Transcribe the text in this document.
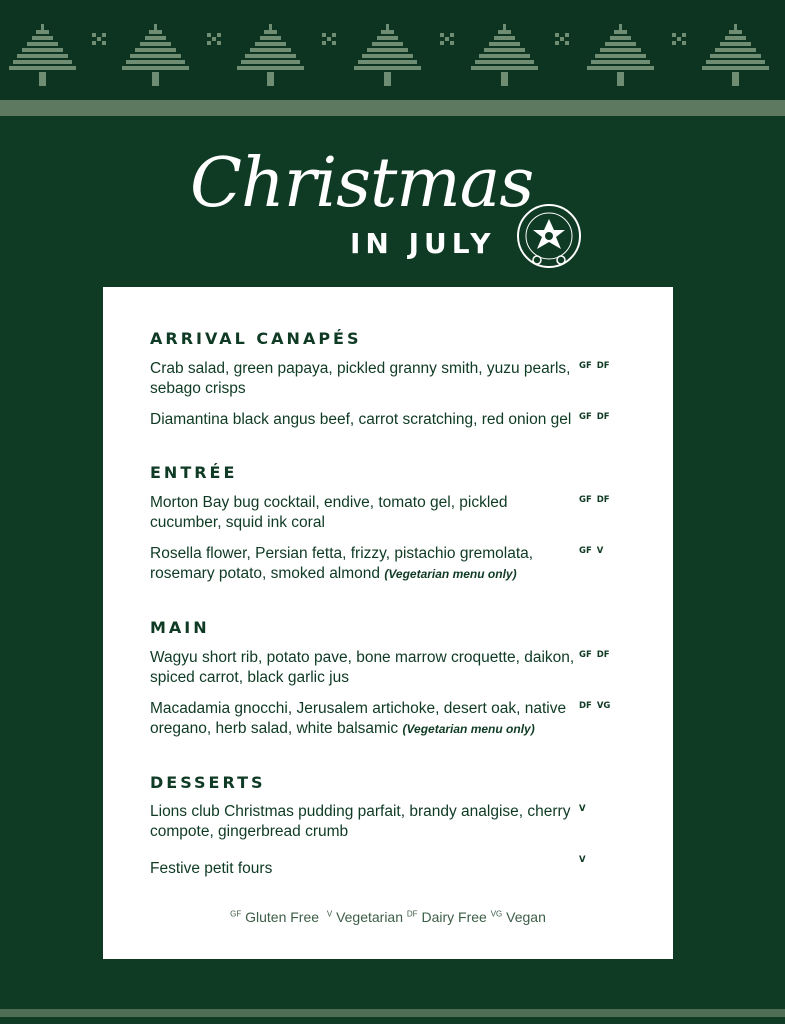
Christmas
IN JULY
ARRIVAL CANAPÉS
Crab salad, green papaya, pickled granny smith, yuzu pearls, sebago crisps
GF DF
Diamantina black angus beef, carrot scratching, red onion gel GF DF
ENTRÉE
Morton Bay bug cocktail, endive, tomato gel, pickled cucumber, squid ink coral
GF DF
Rosella flower, Persian fetta, frizzy, pistachio gremolata, rosemary potato, smoked almond (Vegetarian menu only)
GF V
MAIN
Wagyu short rib, potato pave, bone marrow croquette, daikon, spiced carrot, black garlic jus
GF DF
Macadamia gnocchi, Jerusalem artichoke, desert oak, native oregano, herb salad, white balsamic (Vegetarian menu only)
DF VG
DESSERTS
Lions club Christmas pudding parfait, brandy analgise, cherry compote, gingerbread crumb
V
Festive petit fours	V
$^{GF}$ Gluten Free $^V$ Vegetarian $^{DF}$ Dairy Free $^{VG}$ Vegan
